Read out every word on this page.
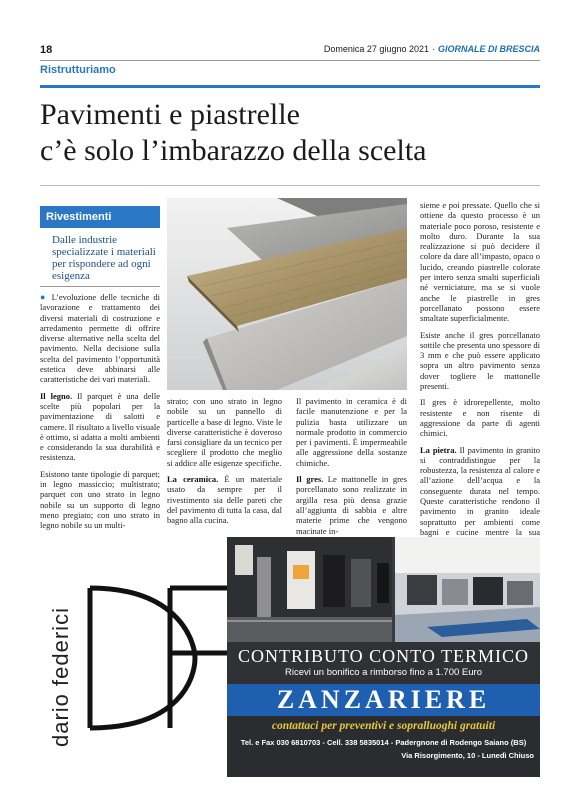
18	Domenica 27 giugno 2021 · GIORNALE DI BRESCIA
Ristrutturiamo
Pavimenti e piastrelle
c’è solo l’imbarazzo della scelta
Rivestimenti
Dalle industrie specializzate i materiali per rispondere ad ogni esigenza

● L’evoluzione delle tecniche di lavorazione e trattamento dei diversi materiali di costruzione e arredamento permette di offrire diverse alternative nella scelta del pavimento. Nella decisione sulla scelta del pavimento l’opportunità estetica deve abbinarsi alle caratteristiche dei vari materiali.

Il legno. Il parquet è una delle scelte più popolari per la pavimentazione di salotti e camere. Il risultato a livello visuale è ottimo, si adatta a molti ambienti e considerando la sua durabilità e resistenza.

Esistono tante tipologie di parquet; in legno massiccio; multistrato; parquet con uno strato in legno nobile su un supporto di legno meno pregiato; con uno strato in legno nobile su un multi-

strato; con uno strato in legno nobile su un pannello di particelle a base di legno. Viste le diverse caratteristiche è doveroso farsi consigliare da un tecnico per scegliere il prodotto che meglio si addice alle esigenze specifiche.

La ceramica. È un materiale usato da sempre per il rivestimento sia delle pareti che del pavimento di tutta la casa, dal bagno alla cucina.

Il pavimento in ceramica è di facile manutenzione e per la pulizia basta utilizzare un normale prodotto in commercio per i pavimenti. È impermeabile alle aggressione della sostanze chimiche.

Il gres. Le mattonelle in gres porcellanato sono realizzate in argilla resa più densa grazie all’aggiunta di sabbia e altre materie prime che vengono macinate in-

sieme e poi pressate. Quello che si ottiene da questo processo è un materiale poco poroso, resistente e molto duro. Durante la sua realizzazione si può decidere il colore da dare all’impasto, opaco o lucido, creando piastrelle colorate per intero senza smalti superficiali né verniciature, ma se si vuole anche le piastrelle in gres porcellanato possono essere smaltate superficialmente.

Esiste anche il gres porcellanato sottile che presenta uno spessore di 3 mm e che può essere applicato sopra un altro pavimento senza dover togliere le mattonelle presenti.

Il gres è idrorepellente, molto resistente e non risente di aggressione da parte di agenti chimici.

La pietra. Il pavimento in granito si contraddistingue per la robustezza, la resistenza al calore e all’azione dell’acqua e la conseguente durata nel tempo. Queste caratteristiche rendono il pavimento in granito ideale soprattutto per ambienti come bagni e cucine mentre la sua

dario federici	CONTRIBUTO CONTO TERMICO
Ricevi un bonifico a rimborso fino a 1.700 Euro
ZANZARIERE
contattaci per preventivi e sopralluoghi gratuiti
Tel. e Fax 030 6810703 - Cell. 338 5835014 - Padergnone di Rodengo Saiano (BS)
Via Risorgimento, 10 - Lunedì Chiuso
